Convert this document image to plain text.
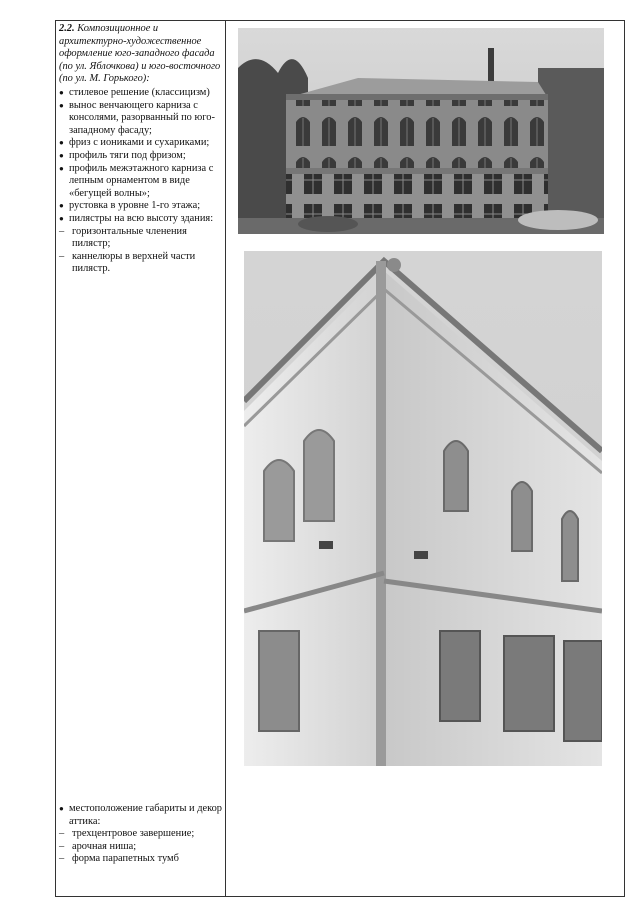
2.2. Композиционное и архитектурно-художественное оформление юго-западного фасада (по ул. Яблочкова) и юго-восточного (по ул. М. Горького):

● стилевое решение (классицизм)
● вынос венчающего карниза с консолями, разорванный по юго-западному фасаду;
● фриз с иониками и сухариками;
● профиль тяги под фризом;
● профиль межэтажного карниза с лепным орнаментом в виде «бегущей волны»;
● рустовка в уровне 1-го этажа;
● пилястры на всю высоту здания:
– горизонтальные членения пилястр;
– каннелюры в верхней части пилястр.
● местоположение габариты и декор аттика:
– трехцентровое завершение;
– арочная ниша;
– форма парапетных тумб
